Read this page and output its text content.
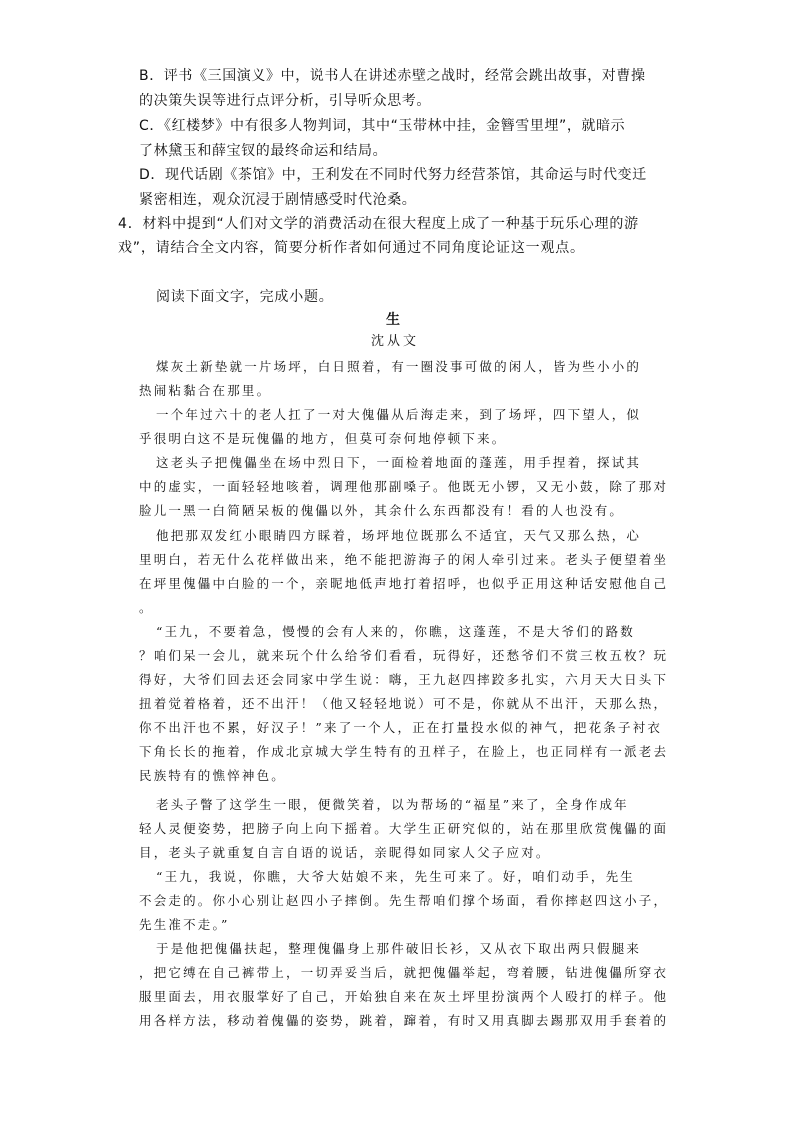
B．评书《三国演义》中，说书人在讲述赤壁之战时，经常会跳出故事，对曹操
的决策失误等进行点评分析，引导听众思考。
C．《红楼梦》中有很多人物判词，其中“玉带林中挂，金簪雪里埋”，就暗示
了林黛玉和薛宝钗的最终命运和结局。
D．现代话剧《茶馆》中，王利发在不同时代努力经营茶馆，其命运与时代变迁
紧密相连，观众沉浸于剧情感受时代沧桑。
4．材料中提到“人们对文学的消费活动在很大程度上成了一种基于玩乐心理的游
戏”，请结合全文内容，简要分析作者如何通过不同角度论证这一观点。
阅读下面文字，完成小题。
生
沈从文
煤灰土新垫就一片场坪，白日照着，有一圈没事可做的闲人，皆为些小小的
热闹粘黏合在那里。
一个年过六十的老人扛了一对大傀儡从后海走来，到了场坪，四下望人，似
乎很明白这不是玩傀儡的地方，但莫可奈何地停顿下来。
这老头子把傀儡坐在场中烈日下，一面检着地面的蓬莲，用手捏着，探试其
中的虚实，一面轻轻地咳着，调理他那副嗓子。他既无小锣，又无小鼓，除了那对
脸儿一黑一白简陋呆板的傀儡以外，其余什么东西都没有！看的人也没有。
他把那双发红小眼睛四方睬着，场坪地位既那么不适宜，天气又那么热，心
里明白，若无什么花样做出来，绝不能把游海子的闲人牵引过来。老头子便望着坐
在坪里傀儡中白脸的一个，亲昵地低声地打着招呼，也似乎正用这种话安慰他自己
。
“王九，不要着急，慢慢的会有人来的，你瞧，这蓬莲，不是大爷们的路数
？咱们呆一会儿，就来玩个什么给爷们看看，玩得好，还愁爷们不赏三枚五枚？玩
得好，大爷们回去还会同家中学生说：嗨，王九赵四摔跤多扎实，六月天大日头下
扭着觉着格着，还不出汗！（他又轻轻地说）可不是，你就从不出汗，天那么热，
你不出汗也不累，好汉子！”来了一个人，正在打量投水似的神气，把花条子衬衣
下角长长的拖着，作成北京城大学生特有的丑样子，在脸上，也正同样有一派老去
民族特有的憔悴神色。
老头子瞥了这学生一眼，便微笑着，以为帮场的“福星”来了，全身作成年
轻人灵便姿势，把膀子向上向下摇着。大学生正研究似的，站在那里欣赏傀儡的面
目，老头子就重复自言自语的说话，亲昵得如同家人父子应对。
“王九，我说，你瞧，大爷大姑娘不来，先生可来了。好，咱们动手，先生
不会走的。你小心别让赵四小子摔倒。先生帮咱们撑个场面，看你摔赵四这小子，
先生准不走。”
于是他把傀儡扶起，整理傀儡身上那件破旧长衫，又从衣下取出两只假腿来
，把它缚在自己裤带上，一切弄妥当后，就把傀儡举起，弯着腰，钻进傀儡所穿衣
服里面去，用衣服掌好了自己，开始独自来在灰土坪里扮演两个人殴打的样子。他
用各样方法，移动着傀儡的姿势，跳着，蹿着，有时又用真脚去踢那双用手套着的
